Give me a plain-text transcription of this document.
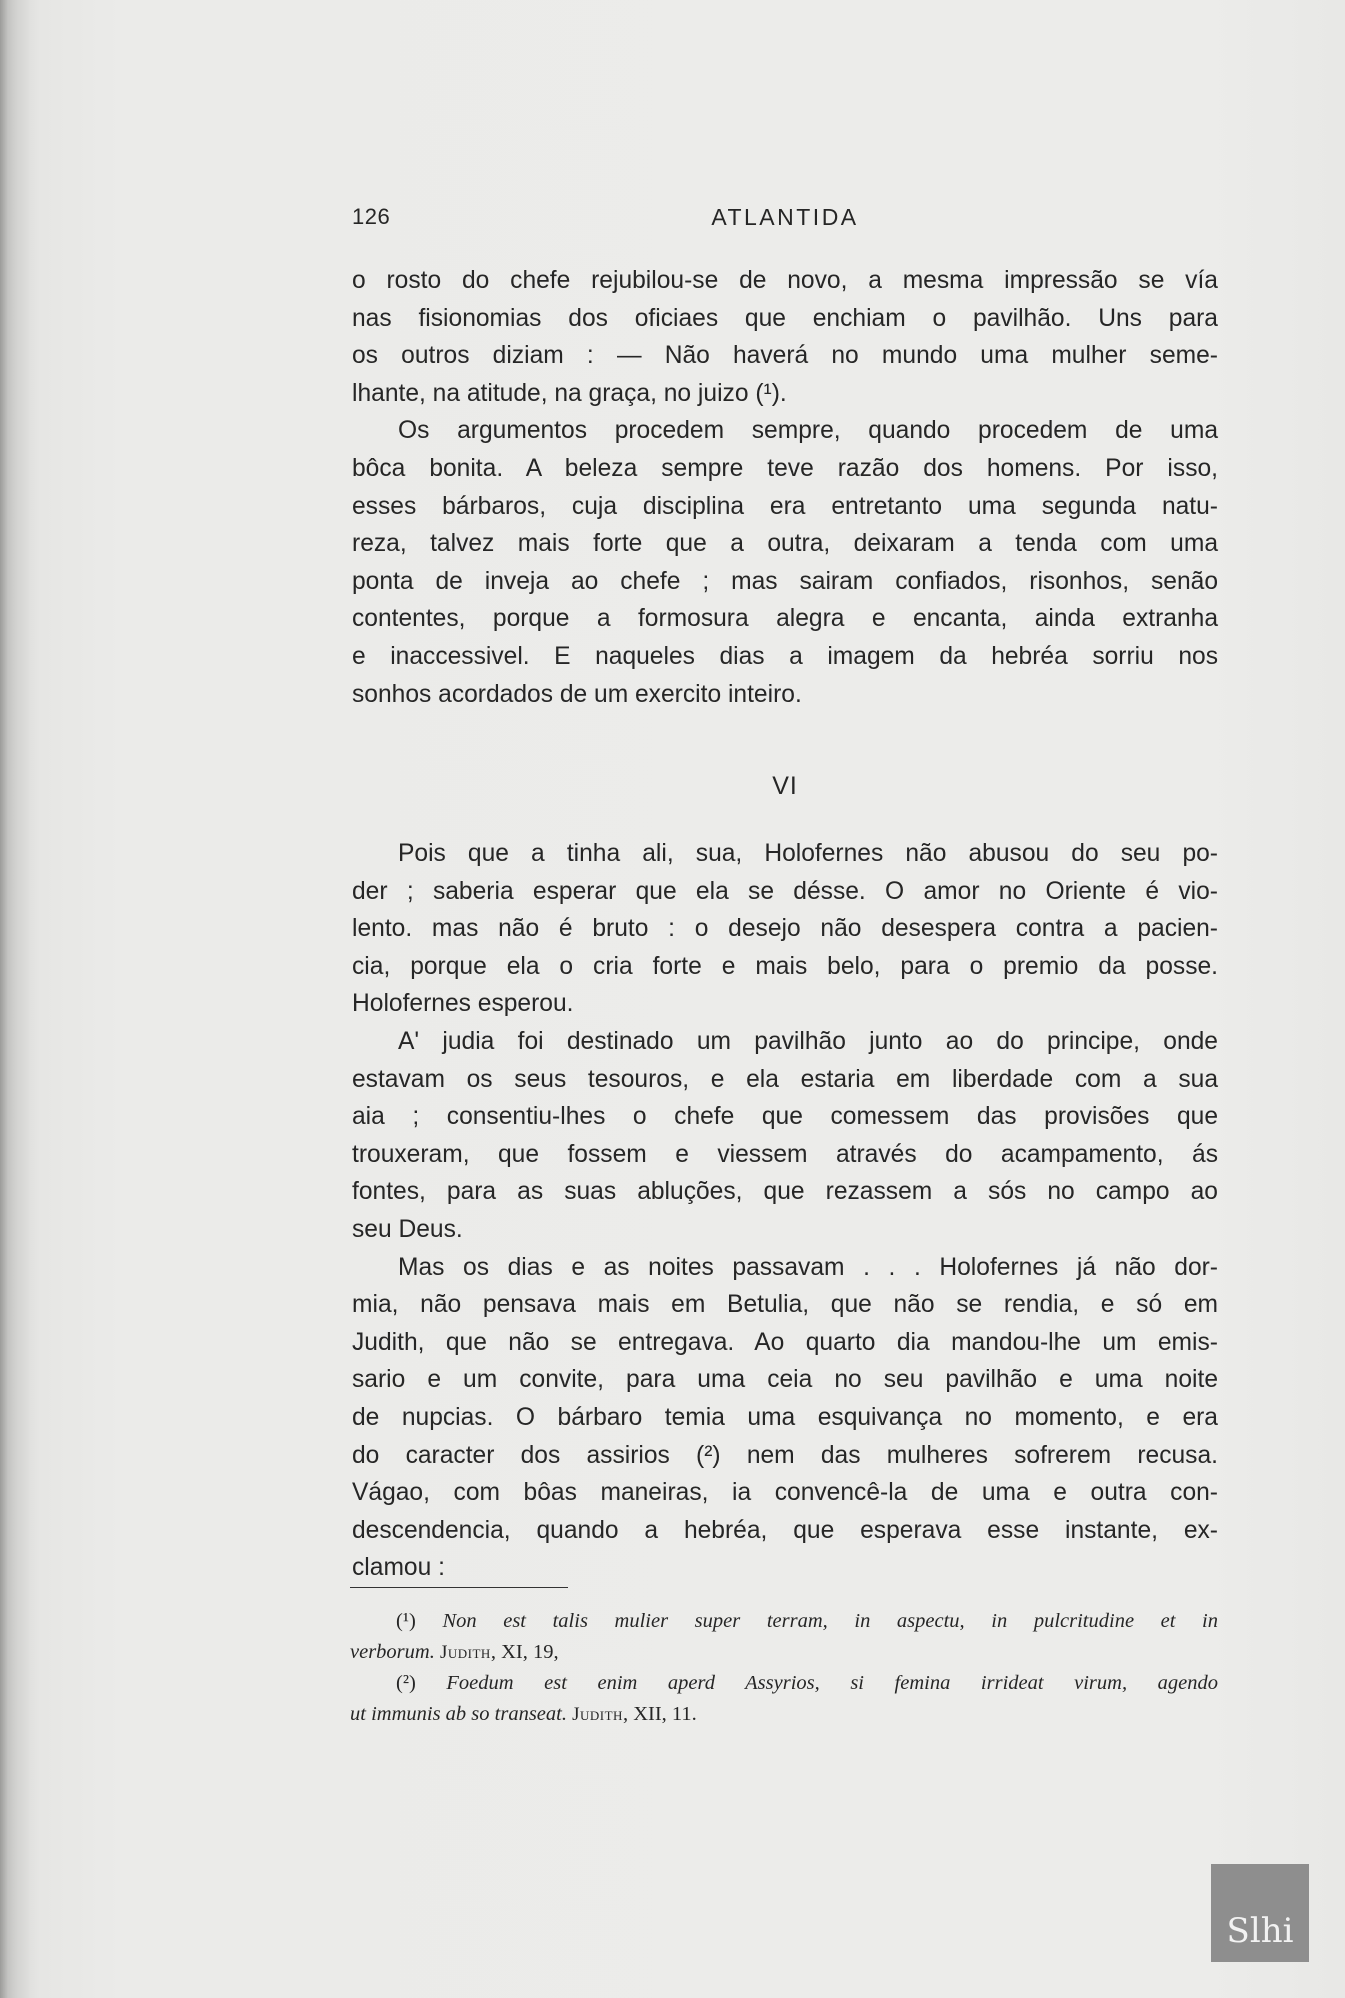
126	ATLANTIDA
o rosto do chefe rejubilou-se de novo, a mesma impressão se vía
nas fisionomias dos oficiaes que enchiam o pavilhão. Uns para
os outros diziam : — Não haverá no mundo uma mulher seme-
lhante, na atitude, na graça, no juizo (¹).
Os argumentos procedem sempre, quando procedem de uma
bôca bonita. A beleza sempre teve razão dos homens. Por isso,
esses bárbaros, cuja disciplina era entretanto uma segunda natu-
reza, talvez mais forte que a outra, deixaram a tenda com uma
ponta de inveja ao chefe ; mas sairam confiados, risonhos, senão
contentes, porque a formosura alegra e encanta, ainda extranha
e inaccessivel. E naqueles dias a imagem da hebréa sorriu nos
sonhos acordados de um exercito inteiro.
VI
Pois que a tinha ali, sua, Holofernes não abusou do seu po-
der ; saberia esperar que ela se désse. O amor no Oriente é vio-
lento. mas não é bruto : o desejo não desespera contra a pacien-
cia, porque ela o cria forte e mais belo, para o premio da posse.
Holofernes esperou.
A' judia foi destinado um pavilhão junto ao do principe, onde
estavam os seus tesouros, e ela estaria em liberdade com a sua
aia ; consentiu-lhes o chefe que comessem das provisões que
trouxeram, que fossem e viessem através do acampamento, ás
fontes, para as suas abluções, que rezassem a sós no campo ao
seu Deus.
Mas os dias e as noites passavam . . . Holofernes já não dor-
mia, não pensava mais em Betulia, que não se rendia, e só em
Judith, que não se entregava. Ao quarto dia mandou-lhe um emis-
sario e um convite, para uma ceia no seu pavilhão e uma noite
de nupcias. O bárbaro temia uma esquivança no momento, e era
do caracter dos assirios (²) nem das mulheres sofrerem recusa.
Vágao, com bôas maneiras, ia convencê-la de uma e outra con-
descendencia, quando a hebréa, que esperava esse instante, ex-
clamou :
(¹) Non est talis mulier super terram, in aspectu, in pulcritudine et in
verborum. Judith, XI, 19,
(²) Foedum est enim aperd Assyrios, si femina irrideat virum, agendo
ut immunis ab so transeat. Judith, XII, 11.
Slhi
